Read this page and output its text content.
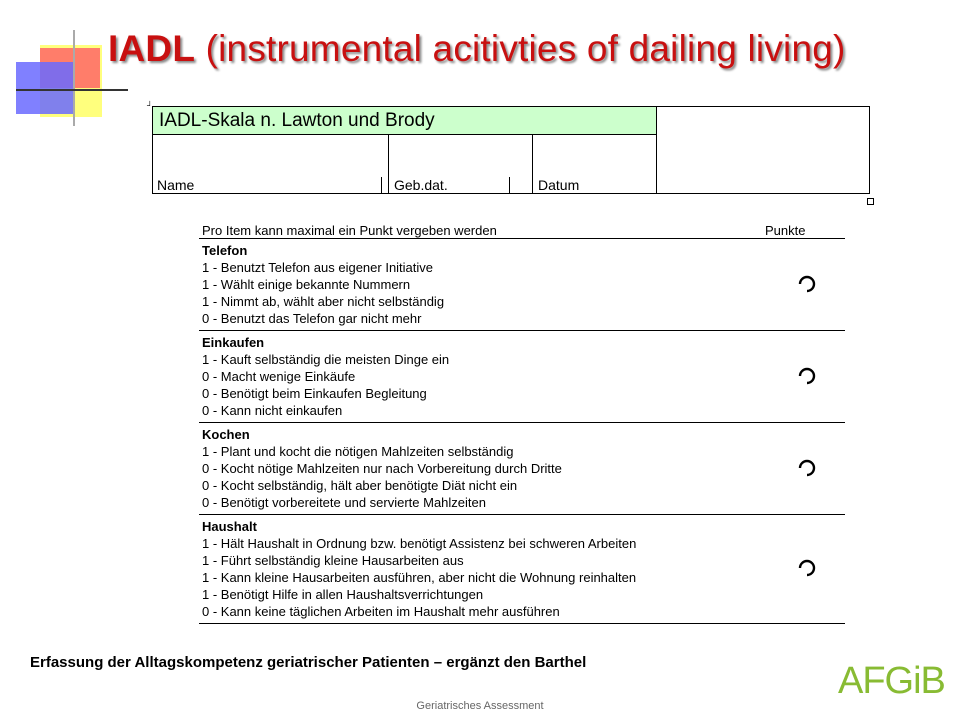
IADL (instrumental acitivties of dailing living)
┘
IADL-Skala n. Lawton und Brody
Name	Geb.dat.	Datum
Pro Item kann maximal ein Punkt vergeben werden	Punkte
Telefon
1 - Benutzt Telefon aus eigener Initiative
1 - Wählt einige bekannte Nummern
1 - Nimmt ab, wählt aber nicht selbständig
0 - Benutzt das Telefon gar nicht mehr
Einkaufen
1 - Kauft selbständig die meisten Dinge ein
0 - Macht wenige Einkäufe
0 - Benötigt beim Einkaufen Begleitung
0 - Kann nicht einkaufen
Kochen
1 - Plant und kocht die nötigen Mahlzeiten selbständig
0 - Kocht nötige Mahlzeiten nur nach Vorbereitung durch Dritte
0 - Kocht selbständig, hält aber benötigte Diät nicht ein
0 - Benötigt vorbereitete und servierte Mahlzeiten
Haushalt
1 - Hält Haushalt in Ordnung bzw. benötigt Assistenz bei schweren Arbeiten
1 - Führt selbständig kleine Hausarbeiten aus
1 - Kann kleine Hausarbeiten ausführen, aber nicht die Wohnung reinhalten
1 - Benötigt Hilfe in allen Haushaltsverrichtungen
0 - Kann keine täglichen Arbeiten im Haushalt mehr ausführen
Erfassung der Alltagskompetenz geriatrischer Patienten – ergänzt den Barthel
Geriatrisches Assessment
AFGiB
